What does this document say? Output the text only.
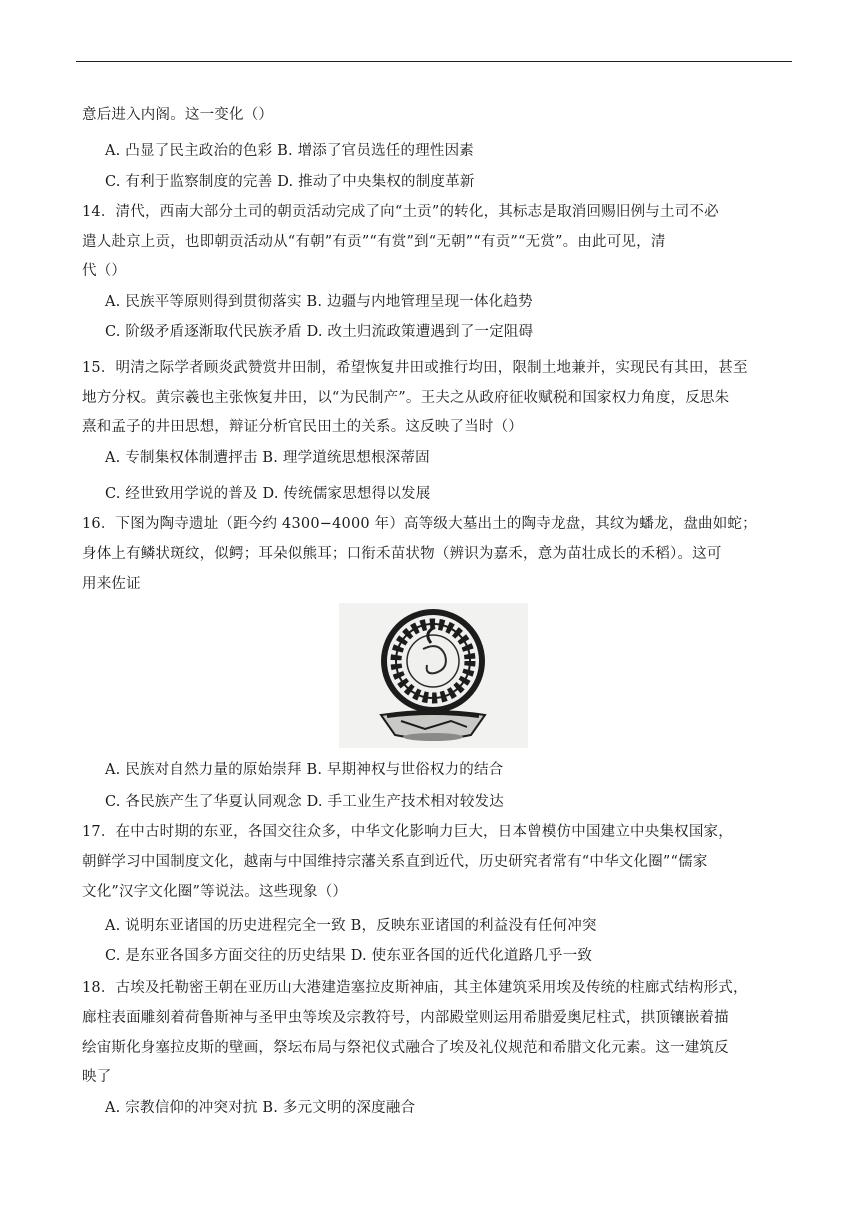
意后进入内阁。这一变化（）
A. 凸显了民主政治的色彩 B. 增添了官员选任的理性因素
C. 有利于监察制度的完善 D. 推动了中央集权的制度革新
14．清代，西南大部分土司的朝贡活动完成了向“土贡”的转化，其标志是取消回赐旧例与土司不必
遣人赴京上贡，也即朝贡活动从“有朝”有贡”“有赏”到“无朝”“有贡”“无赏”。由此可见，清
代（）
A. 民族平等原则得到贯彻落实 B. 边疆与内地管理呈现一体化趋势
C. 阶级矛盾逐渐取代民族矛盾 D. 改土归流政策遭遇到了一定阻碍
15．明清之际学者顾炎武赞赏井田制，希望恢复井田或推行均田，限制土地兼并，实现民有其田，甚至
地方分权。黄宗羲也主张恢复井田，以“为民制产”。王夫之从政府征收赋税和国家权力角度，反思朱
熹和孟子的井田思想，辩证分析官民田土的关系。这反映了当时（）
A. 专制集权体制遭抨击 B. 理学道统思想根深蒂固
C. 经世致用学说的普及 D. 传统儒家思想得以发展
16．下图为陶寺遗址（距今约 4300−4000 年）高等级大墓出土的陶寺龙盘，其纹为蟠龙，盘曲如蛇；
身体上有鳞状斑纹，似鳄；耳朵似熊耳；口衔禾苗状物（辨识为嘉禾，意为苗壮成长的禾稻）。这可
用来佐证
A. 民族对自然力量的原始崇拜 B. 早期神权与世俗权力的结合
C. 各民族产生了华夏认同观念 D. 手工业生产技术相对较发达
17．在中古时期的东亚，各国交往众多，中华文化影响力巨大，日本曾模仿中国建立中央集权国家，
朝鲜学习中国制度文化，越南与中国维持宗藩关系直到近代，历史研究者常有“中华文化圈”“儒家
文化”汉字文化圈”等说法。这些现象（）
A. 说明东亚诸国的历史进程完全一致 B，反映东亚诸国的利益没有任何冲突
C. 是东亚各国多方面交往的历史结果 D. 使东亚各国的近代化道路几乎一致
18．古埃及托勒密王朝在亚历山大港建造塞拉皮斯神庙，其主体建筑采用埃及传统的柱廊式结构形式，
廊柱表面雕刻着荷鲁斯神与圣甲虫等埃及宗教符号，内部殿堂则运用希腊爱奥尼柱式，拱顶镶嵌着描
绘宙斯化身塞拉皮斯的壁画，祭坛布局与祭祀仪式融合了埃及礼仪规范和希腊文化元素。这一建筑反
映了
A. 宗教信仰的冲突对抗 B. 多元文明的深度融合
